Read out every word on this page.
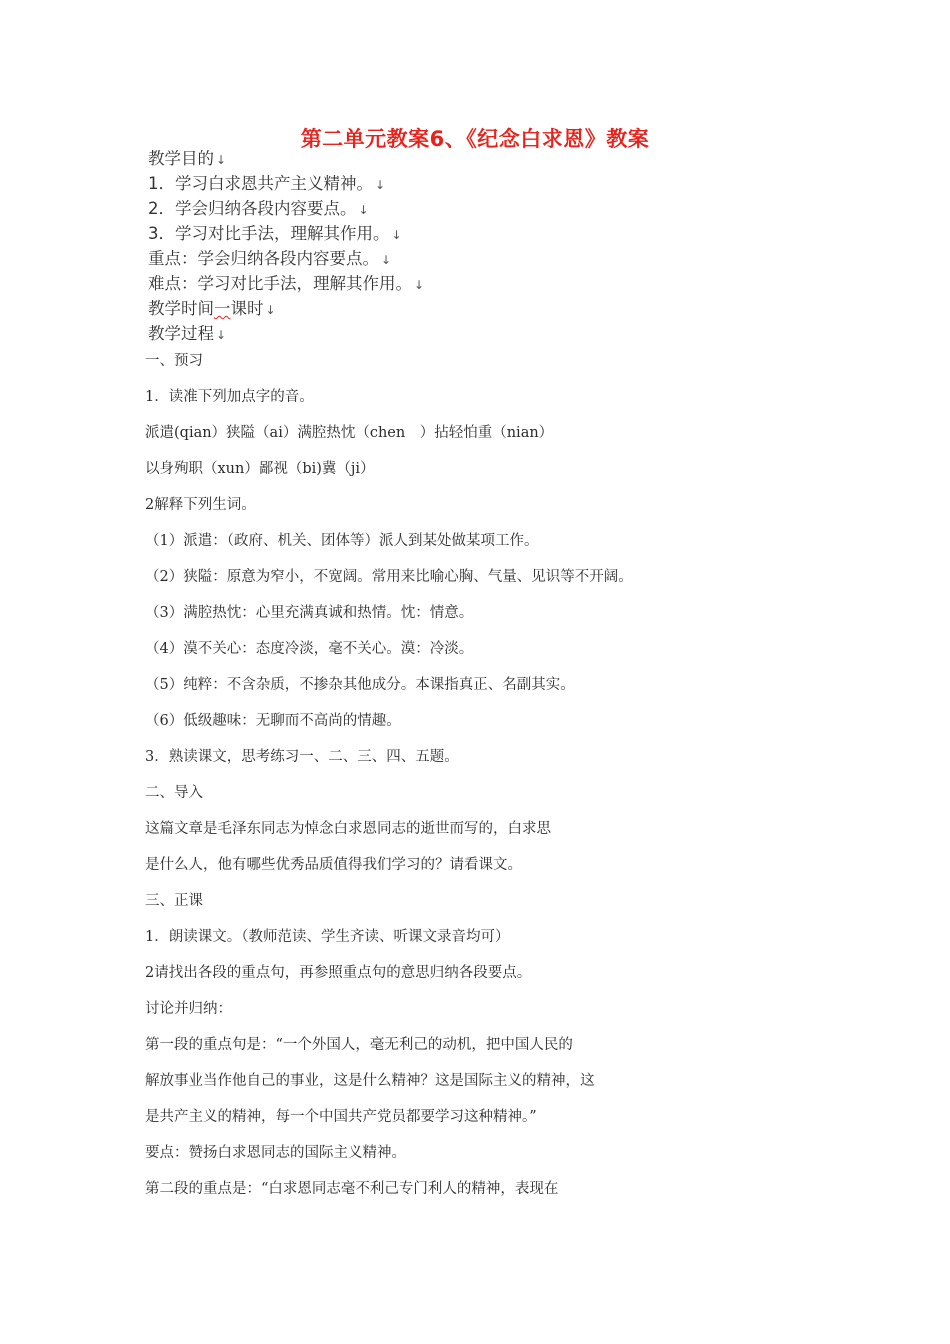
第二单元教案6、《纪念白求恩》教案
教学目的 ↓
1．学习白求恩共产主义精神。 ↓
2．学会归纳各段内容要点。 ↓
3．学习对比手法，理解其作用。 ↓
重点：学会归纳各段内容要点。 ↓
难点：学习对比手法，理解其作用。 ↓
教学时间一课时 ↓
教学过程 ↓
一、预习
1．读准下列加点字的音。
派遣(qian）狭隘（ai）满腔热忱（chen　）拈轻怕重（nian）
以身殉职（xun）鄙视（bi)冀（ji）
2解释下列生词。
（1）派遣：（政府、机关、团体等）派人到某处做某项工作。
（2）狭隘：原意为窄小，不宽阔。常用来比喻心胸、气量、见识等不开阔。
（3）满腔热忱：心里充满真诚和热情。忱：情意。
（4）漠不关心：态度冷淡，毫不关心。漠：冷淡。
（5）纯粹：不含杂质，不掺杂其他成分。本课指真正、名副其实。
（6）低级趣味：无聊而不高尚的情趣。
3．熟读课文，思考练习一、二、三、四、五题。
二、导入
这篇文章是毛泽东同志为悼念白求恩同志的逝世而写的，白求思
是什么人，他有哪些优秀品质值得我们学习的？请看课文。
三、正课
1．朗读课文。（教师范读、学生齐读、听课文录音均可）
2请找出各段的重点句，再参照重点句的意思归纳各段要点。
讨论并归纳：
第一段的重点句是：“一个外国人，毫无利己的动机，把中国人民的
解放事业当作他自己的事业，这是什么精神？这是国际主义的精神，这
是共产主义的精神，每一个中国共产党员都要学习这种精神。”
要点：赞扬白求恩同志的国际主义精神。
第二段的重点是：“白求恩同志毫不利己专门利人的精神，表现在
